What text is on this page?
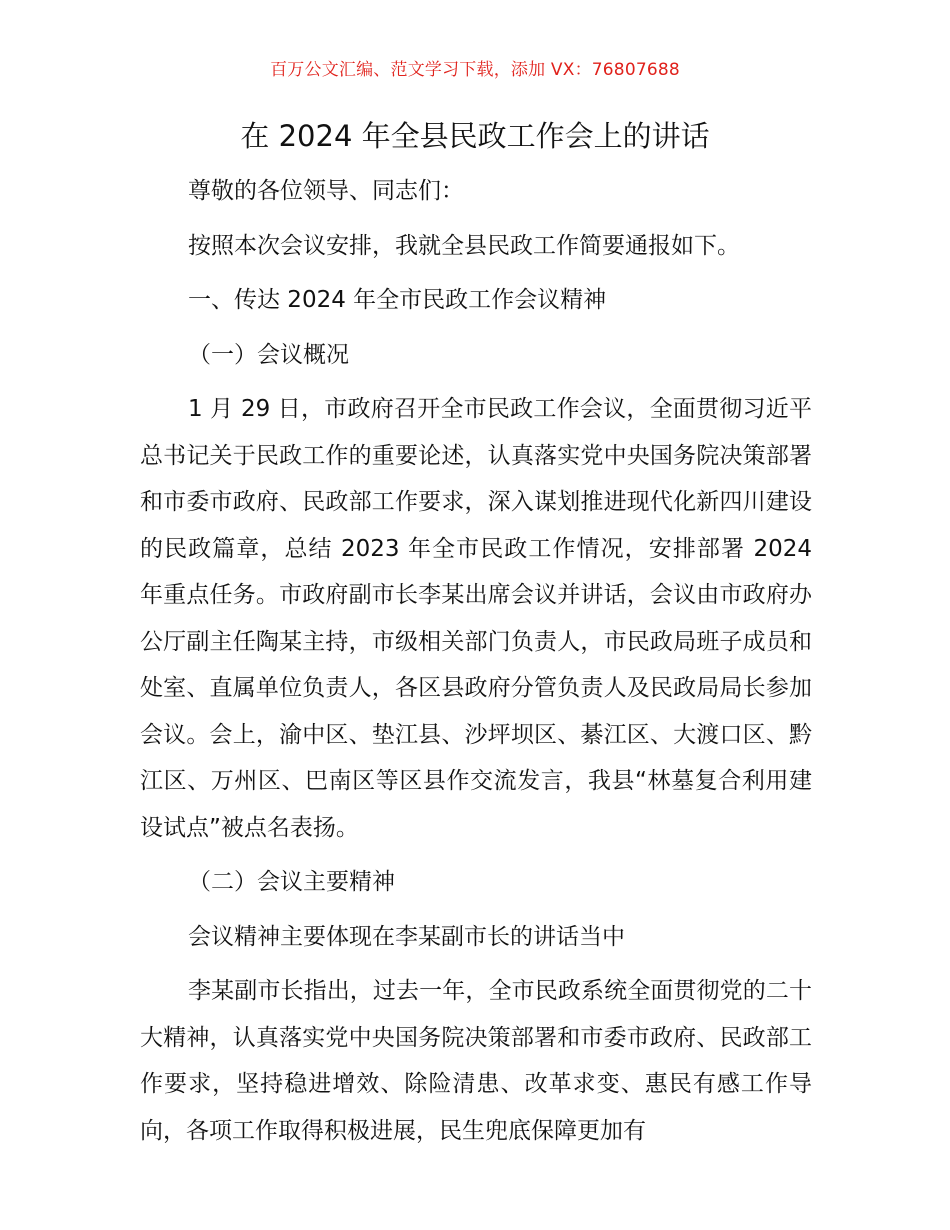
百万公文汇编、范文学习下载，添加 VX：76807688
在 2024 年全县民政工作会上的讲话

尊敬的各位领导、同志们：

按照本次会议安排，我就全县民政工作简要通报如下。

一、传达 2024 年全市民政工作会议精神

（一）会议概况

1 月 29 日，市政府召开全市民政工作会议，全面贯彻习近平总书记关于民政工作的重要论述，认真落实党中央国务院决策部署和市委市政府、民政部工作要求，深入谋划推进现代化新四川建设的民政篇章，总结 2023 年全市民政工作情况，安排部署 2024 年重点任务。市政府副市长李某出席会议并讲话，会议由市政府办公厅副主任陶某主持，市级相关部门负责人，市民政局班子成员和处室、直属单位负责人，各区县政府分管负责人及民政局局长参加会议。会上，渝中区、垫江县、沙坪坝区、綦江区、大渡口区、黔江区、万州区、巴南区等区县作交流发言，我县“林墓复合利用建设试点”被点名表扬。

（二）会议主要精神

会议精神主要体现在李某副市长的讲话当中

李某副市长指出，过去一年，全市民政系统全面贯彻党的二十大精神，认真落实党中央国务院决策部署和市委市政府、民政部工作要求，坚持稳进增效、除险清患、改革求变、惠民有感工作导向，各项工作取得积极进展，民生兜底保障更加有
